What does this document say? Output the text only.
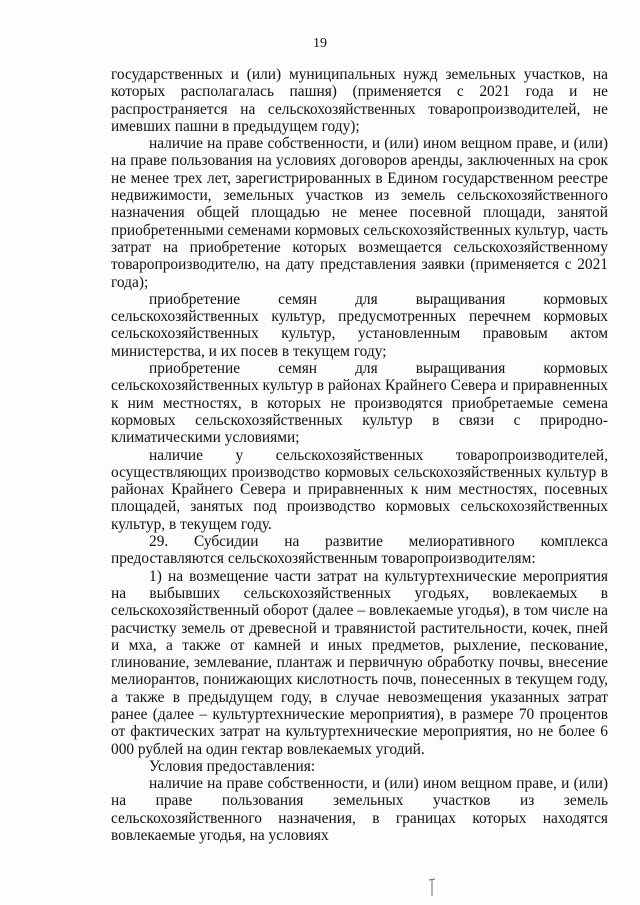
19

государственных и (или) муниципальных нужд земельных участков, на которых располагалась пашня) (применяется с 2021 года и не распространяется на сельскохозяйственных товаропроизводителей, не имевших пашни в предыдущем году);

наличие на праве собственности, и (или) ином вещном праве, и (или) на праве пользования на условиях договоров аренды, заключенных на срок не менее трех лет, зарегистрированных в Едином государственном реестре недвижимости, земельных участков из земель сельскохозяйственного назначения общей площадью не менее посевной площади, занятой приобретенными семенами кормовых сельскохозяйственных культур, часть затрат на приобретение которых возмещается сельскохозяйственному товаропроизводителю, на дату представления заявки (применяется с 2021 года);

приобретение семян для выращивания кормовых сельскохозяйственных культур, предусмотренных перечнем кормовых сельскохозяйственных культур, установленным правовым актом министерства, и их посев в текущем году;

приобретение семян для выращивания кормовых сельскохозяйственных культур в районах Крайнего Севера и приравненных к ним местностях, в которых не производятся приобретаемые семена кормовых сельскохозяйственных культур в связи с природно-климатическими условиями;

наличие у сельскохозяйственных товаропроизводителей, осуществляющих производство кормовых сельскохозяйственных культур в районах Крайнего Севера и приравненных к ним местностях, посевных площадей, занятых под производство кормовых сельскохозяйственных культур, в текущем году.

29. Субсидии на развитие мелиоративного комплекса предоставляются сельскохозяйственным товаропроизводителям:

1) на возмещение части затрат на культуртехнические мероприятия на выбывших сельскохозяйственных угодьях, вовлекаемых в сельскохозяйственный оборот (далее – вовлекаемые угодья), в том числе на расчистку земель от древесной и травянистой растительности, кочек, пней и мха, а также от камней и иных предметов, рыхление, пескование, глинование, землевание, плантаж и первичную обработку почвы, внесение мелиорантов, понижающих кислотность почв, понесенных в текущем году, а также в предыдущем году, в случае невозмещения указанных затрат ранее (далее – культуртехнические мероприятия), в размере 70 процентов от фактических затрат на культуртехнические мероприятия, но не более 6 000 рублей на один гектар вовлекаемых угодий.

Условия предоставления:

наличие на праве собственности, и (или) ином вещном праве, и (или) на праве пользования земельных участков из земель сельскохозяйственного назначения, в границах которых находятся вовлекаемые угодья, на условиях
